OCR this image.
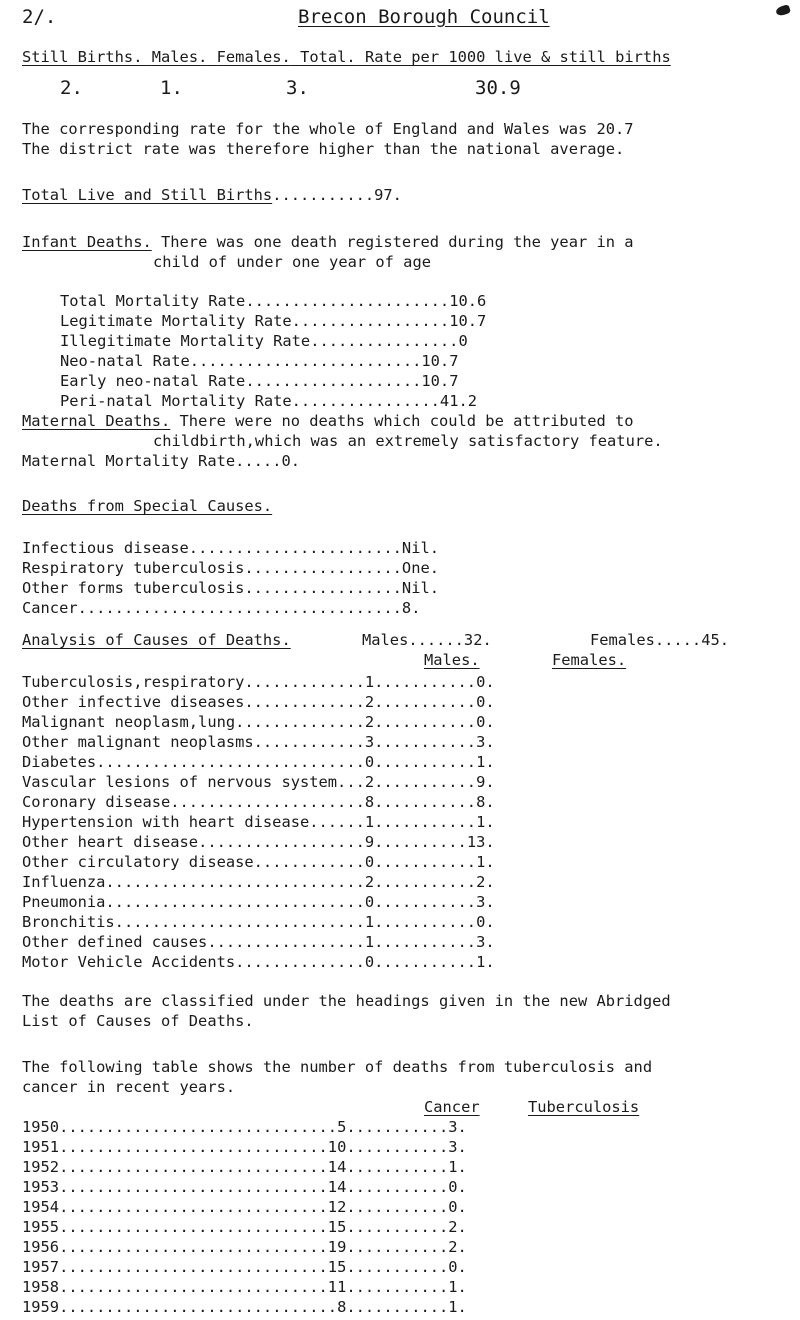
2/.	Brecon Borough Council
Still Births. Males. Females. Total. Rate per 1000 live & still births
2.	1.	3.	30.9
The corresponding rate for the whole of England and Wales was 20.7
The district rate was therefore higher than the national average.
Total Live and Still Births...........97.
Infant Deaths. There was one death registered during the year in a
child of under one year of age
Total Mortality Rate......................10.6
Legitimate Mortality Rate.................10.7
Illegitimate Mortality Rate................0
Neo-natal Rate.........................10.7
Early neo-natal Rate...................10.7
Peri-natal Mortality Rate................41.2
Maternal Deaths. There were no deaths which could be attributed to
childbirth,which was an extremely satisfactory feature.
Maternal Mortality Rate.....0.
Deaths from Special Causes.
Infectious disease.......................Nil.
Respiratory tuberculosis.................One.
Other forms tuberculosis.................Nil.
Cancer...................................8.
Analysis of Causes of Deaths.	Males......32.	Females.....45.
Males.	Females.
Tuberculosis,respiratory.............1...........0.
Other infective diseases.............2...........0.
Malignant neoplasm,lung..............2...........0.
Other malignant neoplasms............3...........3.
Diabetes.............................0...........1.
Vascular lesions of nervous system...2...........9.
Coronary disease.....................8...........8.
Hypertension with heart disease......1...........1.
Other heart disease..................9..........13.
Other circulatory disease............0...........1.
Influenza............................2...........2.
Pneumonia............................0...........3.
Bronchitis...........................1...........0.
Other defined causes.................1...........3.
Motor Vehicle Accidents..............0...........1.
The deaths are classified under the headings given in the new Abridged
List of Causes of Deaths.
The following table shows the number of deaths from tuberculosis and
cancer in recent years.
Cancer	Tuberculosis
1950..............................5...........3.
1951.............................10...........3.
1952.............................14...........1.
1953.............................14...........0.
1954.............................12...........0.
1955.............................15...........2.
1956.............................19...........2.
1957.............................15...........0.
1958.............................11...........1.
1959..............................8...........1.
